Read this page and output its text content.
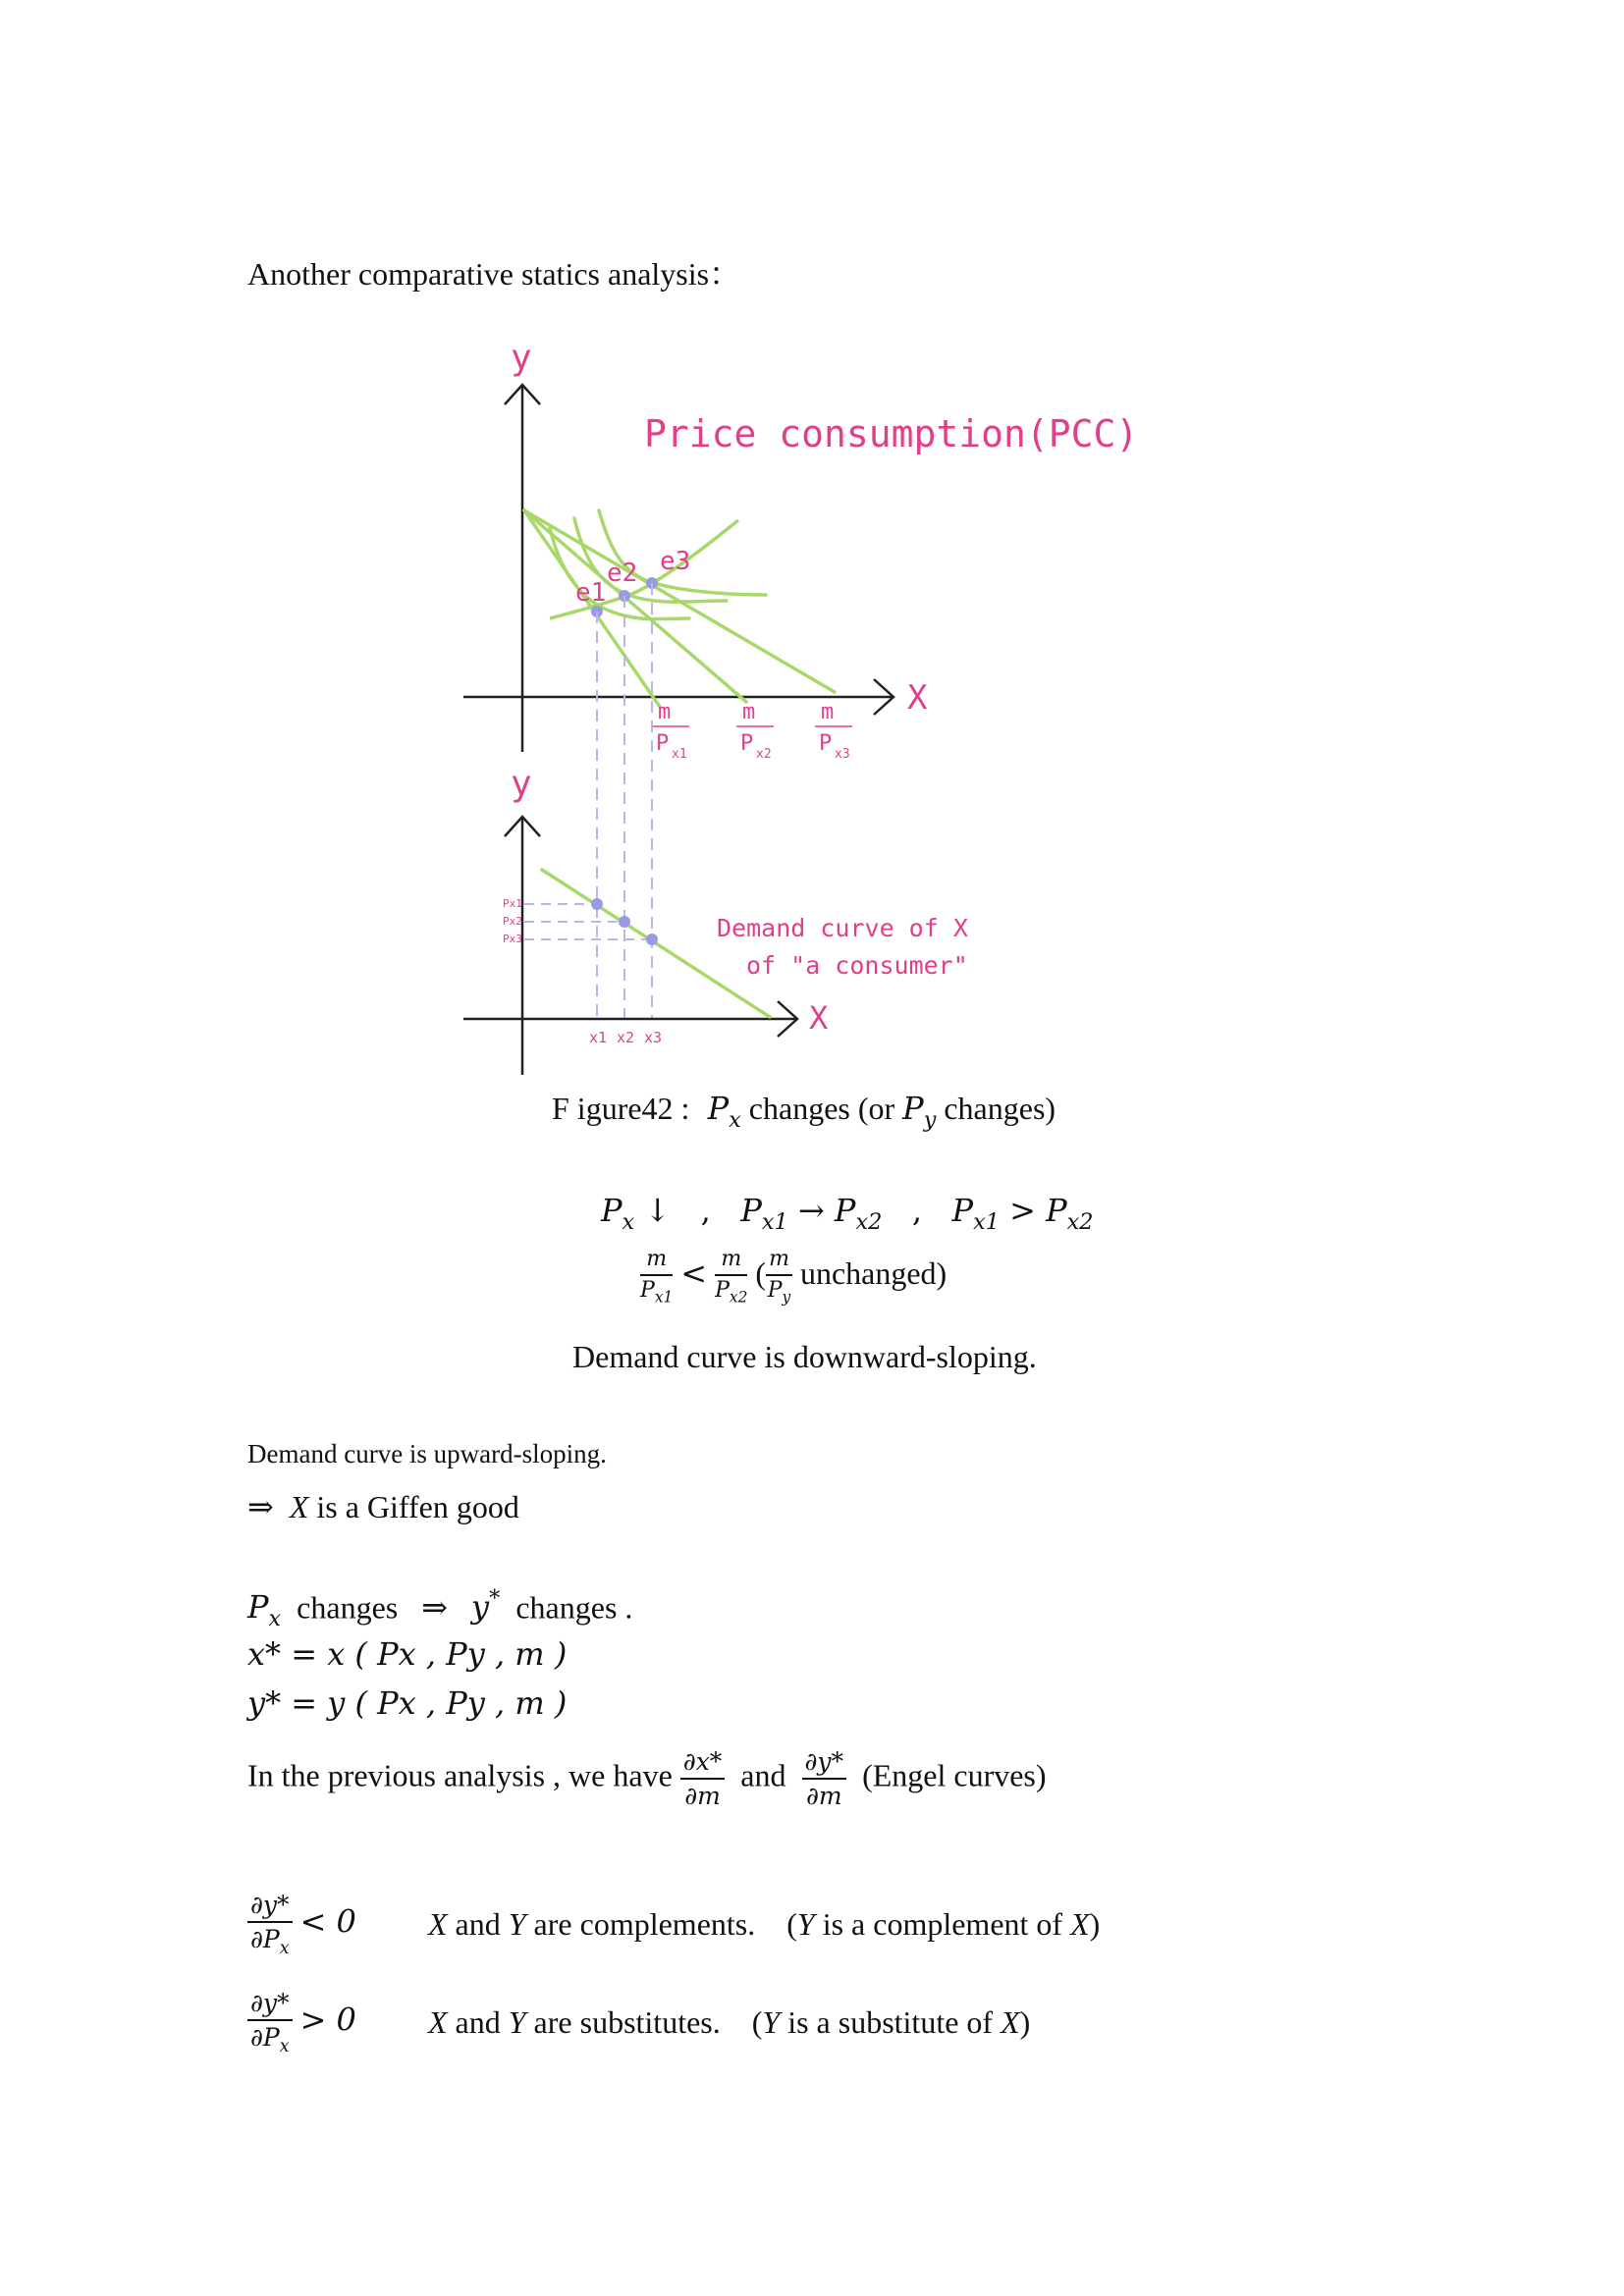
Another comparative statics analysis：
y
X
Price consumption(PCC)
e1
e2 e3
m
P x1
m
P x2
m
P x3
y
X
Px1
Px2
Px3
x1 x2 x3
Demand curve of X
of "a consumer"
F igure42 : $P_x$ changes (or $P_y$ changes)
$P_x$ ↓ , $P_{x1} \to P_{x2}$ , $P_{x1} > P_{x2}$
$\frac{m}{P_{x1}} < \frac{m}{P_{x2}}$ ( $\frac{m}{P_y}$ unchanged)
Demand curve is downward-sloping.
Demand curve is upward-sloping.
⇒ X is a Giffen good
$P_x$ changes ⇒ y* changes .
x* = x ( Px , Py , m )
y* = y ( Px , Py , m )
In the previous analysis , we have $\frac{\partial x*}{\partial m}$ and $\frac{\partial y*}{\partial m}$ (Engel curves)
$\frac{\partial y*}{\partial P_x} < 0$ X and Y are complements. (Y is a complement of X)
$\frac{\partial y*}{\partial P_x} > 0$ X and Y are substitutes. (Y is a substitute of X)
